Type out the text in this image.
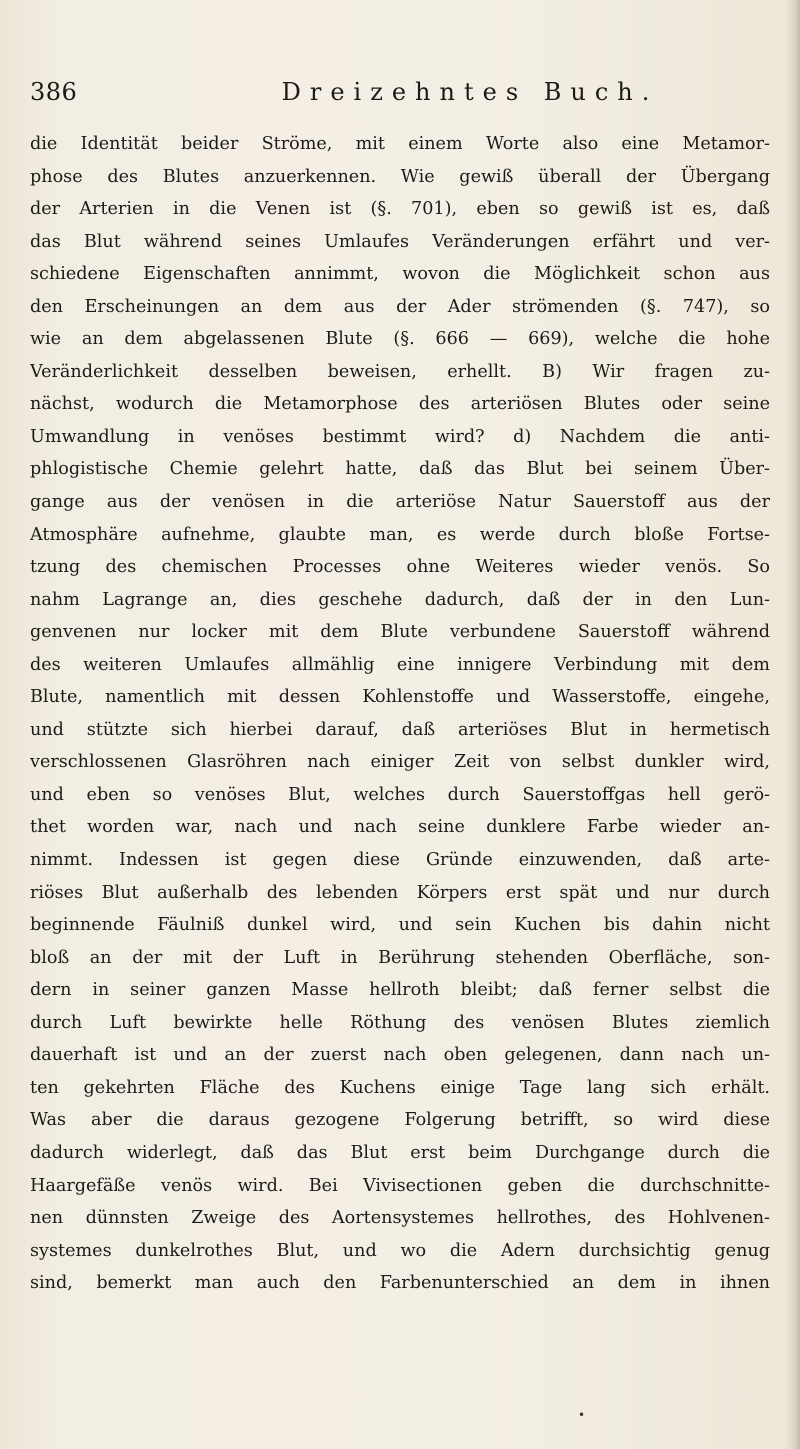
386	Dreizehntes Buch.
die Identität beider Ströme, mit einem Worte also eine Metamor-
phose des Blutes anzuerkennen. Wie gewiß überall der Übergang
der Arterien in die Venen ist (§. 701), eben so gewiß ist es, daß
das Blut während seines Umlaufes Veränderungen erfährt und ver-
schiedene Eigenschaften annimmt, wovon die Möglichkeit schon aus
den Erscheinungen an dem aus der Ader strömenden (§. 747), so
wie an dem abgelassenen Blute (§. 666 — 669), welche die hohe
Veränderlichkeit desselben beweisen, erhellt. B) Wir fragen zu-
nächst, wodurch die Metamorphose des arteriösen Blutes oder seine
Umwandlung in venöses bestimmt wird? d) Nachdem die anti-
phlogistische Chemie gelehrt hatte, daß das Blut bei seinem Über-
gange aus der venösen in die arteriöse Natur Sauerstoff aus der
Atmosphäre aufnehme, glaubte man, es werde durch bloße Fortse-
tzung des chemischen Processes ohne Weiteres wieder venös. So
nahm Lagrange an, dies geschehe dadurch, daß der in den Lun-
genvenen nur locker mit dem Blute verbundene Sauerstoff während
des weiteren Umlaufes allmählig eine innigere Verbindung mit dem
Blute, namentlich mit dessen Kohlenstoffe und Wasserstoffe, eingehe,
und stützte sich hierbei darauf, daß arteriöses Blut in hermetisch
verschlossenen Glasröhren nach einiger Zeit von selbst dunkler wird,
und eben so venöses Blut, welches durch Sauerstoffgas hell gerö-
thet worden war, nach und nach seine dunklere Farbe wieder an-
nimmt. Indessen ist gegen diese Gründe einzuwenden, daß arte-
riöses Blut außerhalb des lebenden Körpers erst spät und nur durch
beginnende Fäulniß dunkel wird, und sein Kuchen bis dahin nicht
bloß an der mit der Luft in Berührung stehenden Oberfläche, son-
dern in seiner ganzen Masse hellroth bleibt; daß ferner selbst die
durch Luft bewirkte helle Röthung des venösen Blutes ziemlich
dauerhaft ist und an der zuerst nach oben gelegenen, dann nach un-
ten gekehrten Fläche des Kuchens einige Tage lang sich erhält.
Was aber die daraus gezogene Folgerung betrifft, so wird diese
dadurch widerlegt, daß das Blut erst beim Durchgange durch die
Haargefäße venös wird. Bei Vivisectionen geben die durchschnitte-
nen dünnsten Zweige des Aortensystemes hellrothes, des Hohlvenen-
systemes dunkelrothes Blut, und wo die Adern durchsichtig genug
sind, bemerkt man auch den Farbenunterschied an dem in ihnen
•
